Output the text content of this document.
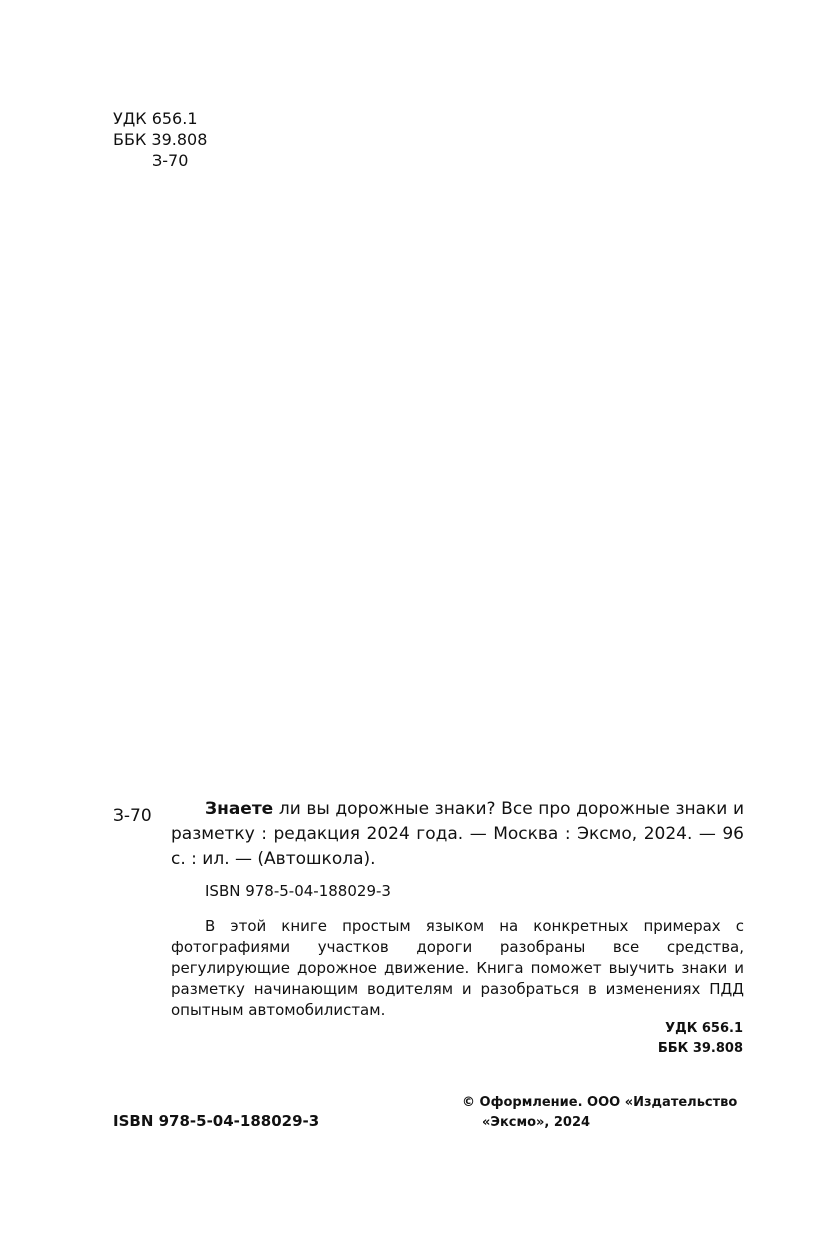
УДК 656.1
ББК 39.808
З-70
З-70	Знаете ли вы дорожные знаки? Все про дорожные знаки и разметку : редакция 2024 года. — Москва : Эксмо, 2024. — 96 с. : ил. — (Автошкола).
ISBN 978-5-04-188029-3
В этой книге простым языком на конкретных примерах с фотографиями участков дороги разобраны все средства, регулирующие дорожное движение. Книга поможет выучить знаки и разметку начинающим водителям и разобраться в изменениях ПДД опытным автомобилистам.
УДК 656.1
ББК 39.808
ISBN 978-5-04-188029-3
© Оформление. ООО «Издательство
«Эксмо», 2024
